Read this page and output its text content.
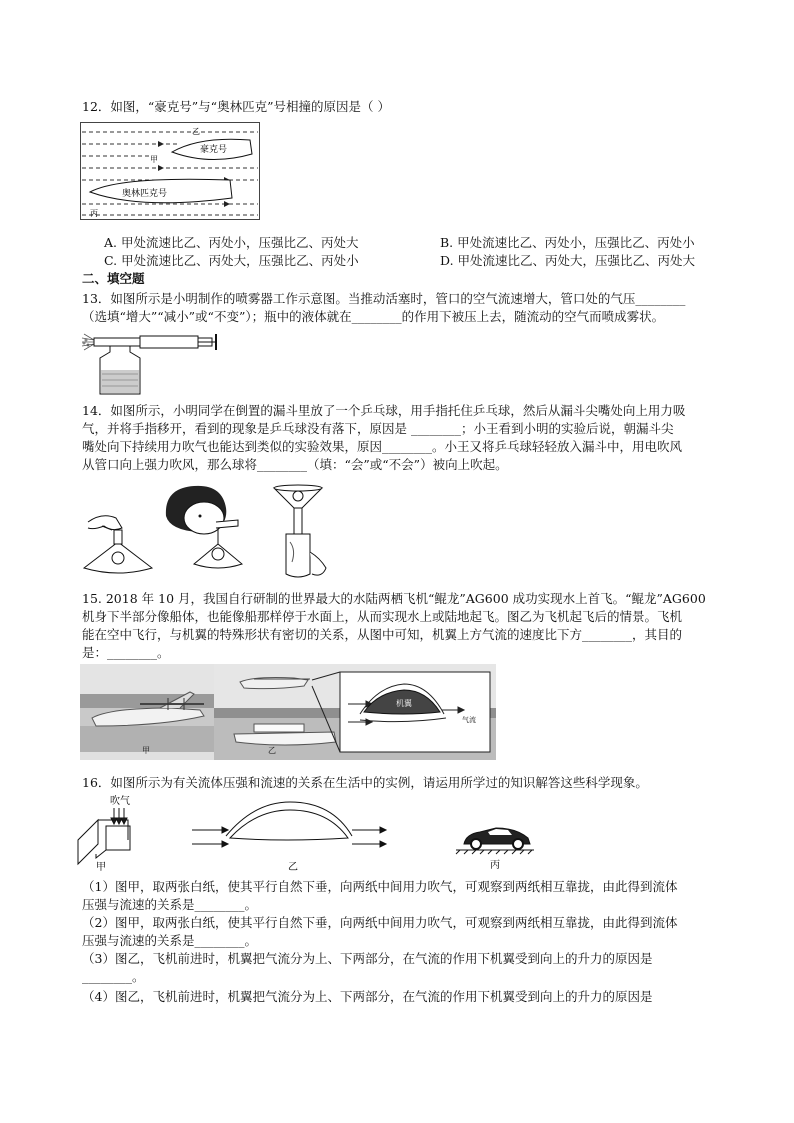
12．如图，“豪克号”与“奥林匹克”号相撞的原因是（ ）
豪克号
奥林匹克号
甲
乙
丙
A. 甲处流速比乙、丙处小，压强比乙、丙处大	B. 甲处流速比乙、丙处小，压强比乙、丙处小
C. 甲处流速比乙、丙处大，压强比乙、丙处小	D. 甲处流速比乙、丙处大，压强比乙、丙处大
二、填空题
13．如图所示是小明制作的喷雾器工作示意图。当推动活塞时，管口的空气流速增大，管口处的气压________
（选填“增大”“减小”或“不变”）；瓶中的液体就在________的作用下被压上去，随流动的空气而喷成雾状。
14．如图所示，小明同学在倒置的漏斗里放了一个乒乓球，用手指托住乒乓球，然后从漏斗尖嘴处向上用力吸
气，并将手指移开，看到的现象是乒乓球没有落下，原因是 ________；小王看到小明的实验后说，朝漏斗尖
嘴处向下持续用力吹气也能达到类似的实验效果，原因________。小王又将乒乓球轻轻放入漏斗中，用电吹风
从管口向上强力吹风，那么球将________（填：“会”或“不会”）被向上吹起。
15. 2018 年 10 月，我国自行研制的世界最大的水陆两栖飞机“鲲龙”AG600 成功实现水上首飞。“鲲龙”AG600
机身下半部分像船体，也能像船那样停于水面上，从而实现水上或陆地起飞。图乙为飞机起飞后的情景。飞机
能在空中飞行，与机翼的特殊形状有密切的关系，从图中可知，机翼上方气流的速度比下方________，其目的
是：________。
甲
机翼
气流
乙
16．如图所示为有关流体压强和流速的关系在生活中的实例，请运用所学过的知识解答这些科学现象。
吹气
甲	乙	丙
（1）图甲，取两张白纸，使其平行自然下垂，向两纸中间用力吹气，可观察到两纸相互靠拢，由此得到流体
压强与流速的关系是________。
（2）图甲，取两张白纸，使其平行自然下垂，向两纸中间用力吹气，可观察到两纸相互靠拢，由此得到流体
压强与流速的关系是________。
（3）图乙，飞机前进时，机翼把气流分为上、下两部分，在气流的作用下机翼受到向上的升力的原因是
________。
（4）图乙，飞机前进时，机翼把气流分为上、下两部分，在气流的作用下机翼受到向上的升力的原因是
